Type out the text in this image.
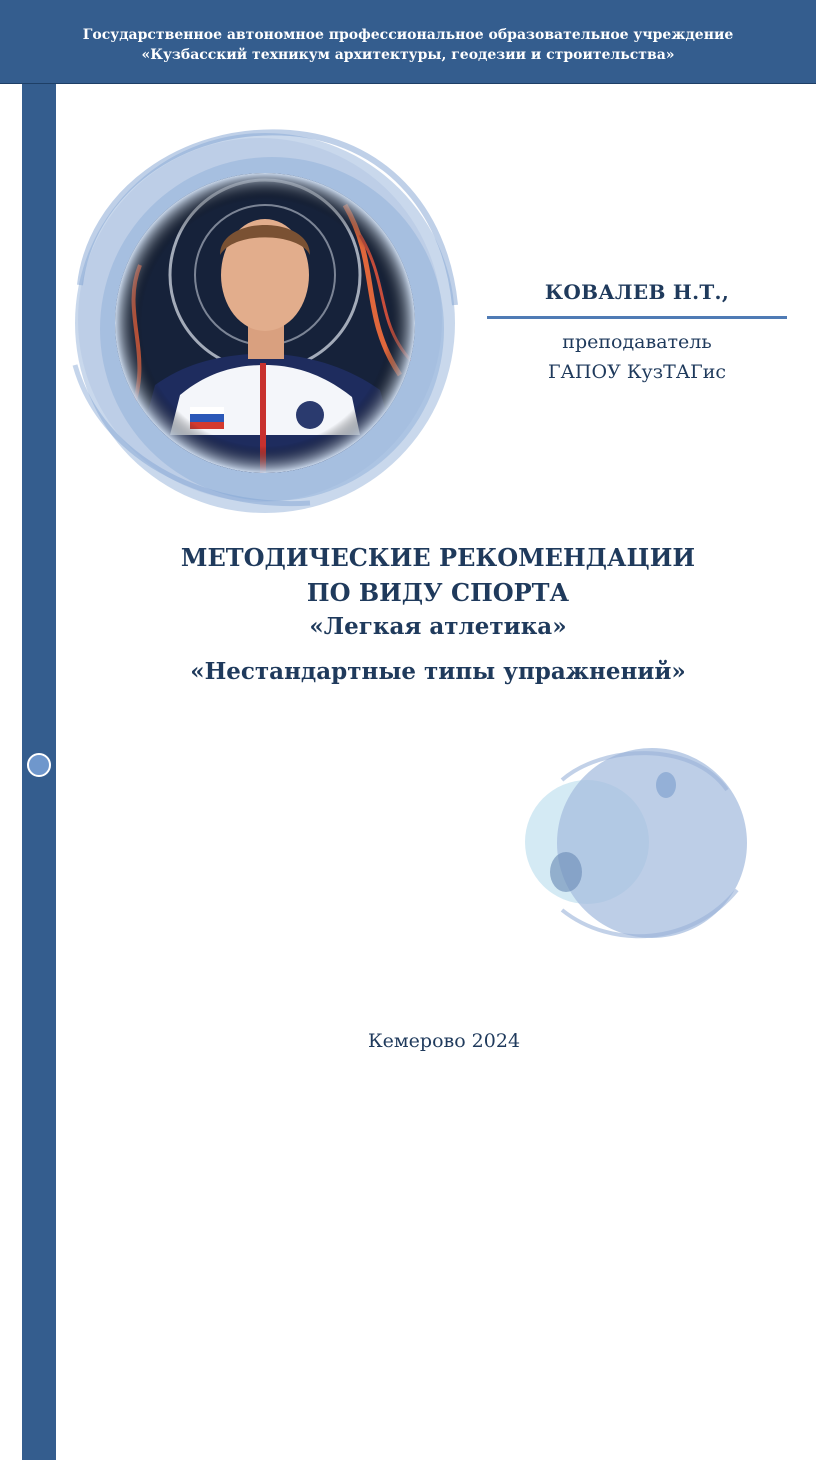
Государственное автономное профессиональное образовательное учреждение
«Кузбасский техникум архитектуры, геодезии и строительства»
КОВАЛЕВ Н.Т.,
преподаватель
ГАПОУ КузТАГис
МЕТОДИЧЕСКИЕ РЕКОМЕНДАЦИИ
ПО ВИДУ СПОРТА
«Легкая атлетика»
«Нестандартные типы упражнений»
Кемерово 2024
